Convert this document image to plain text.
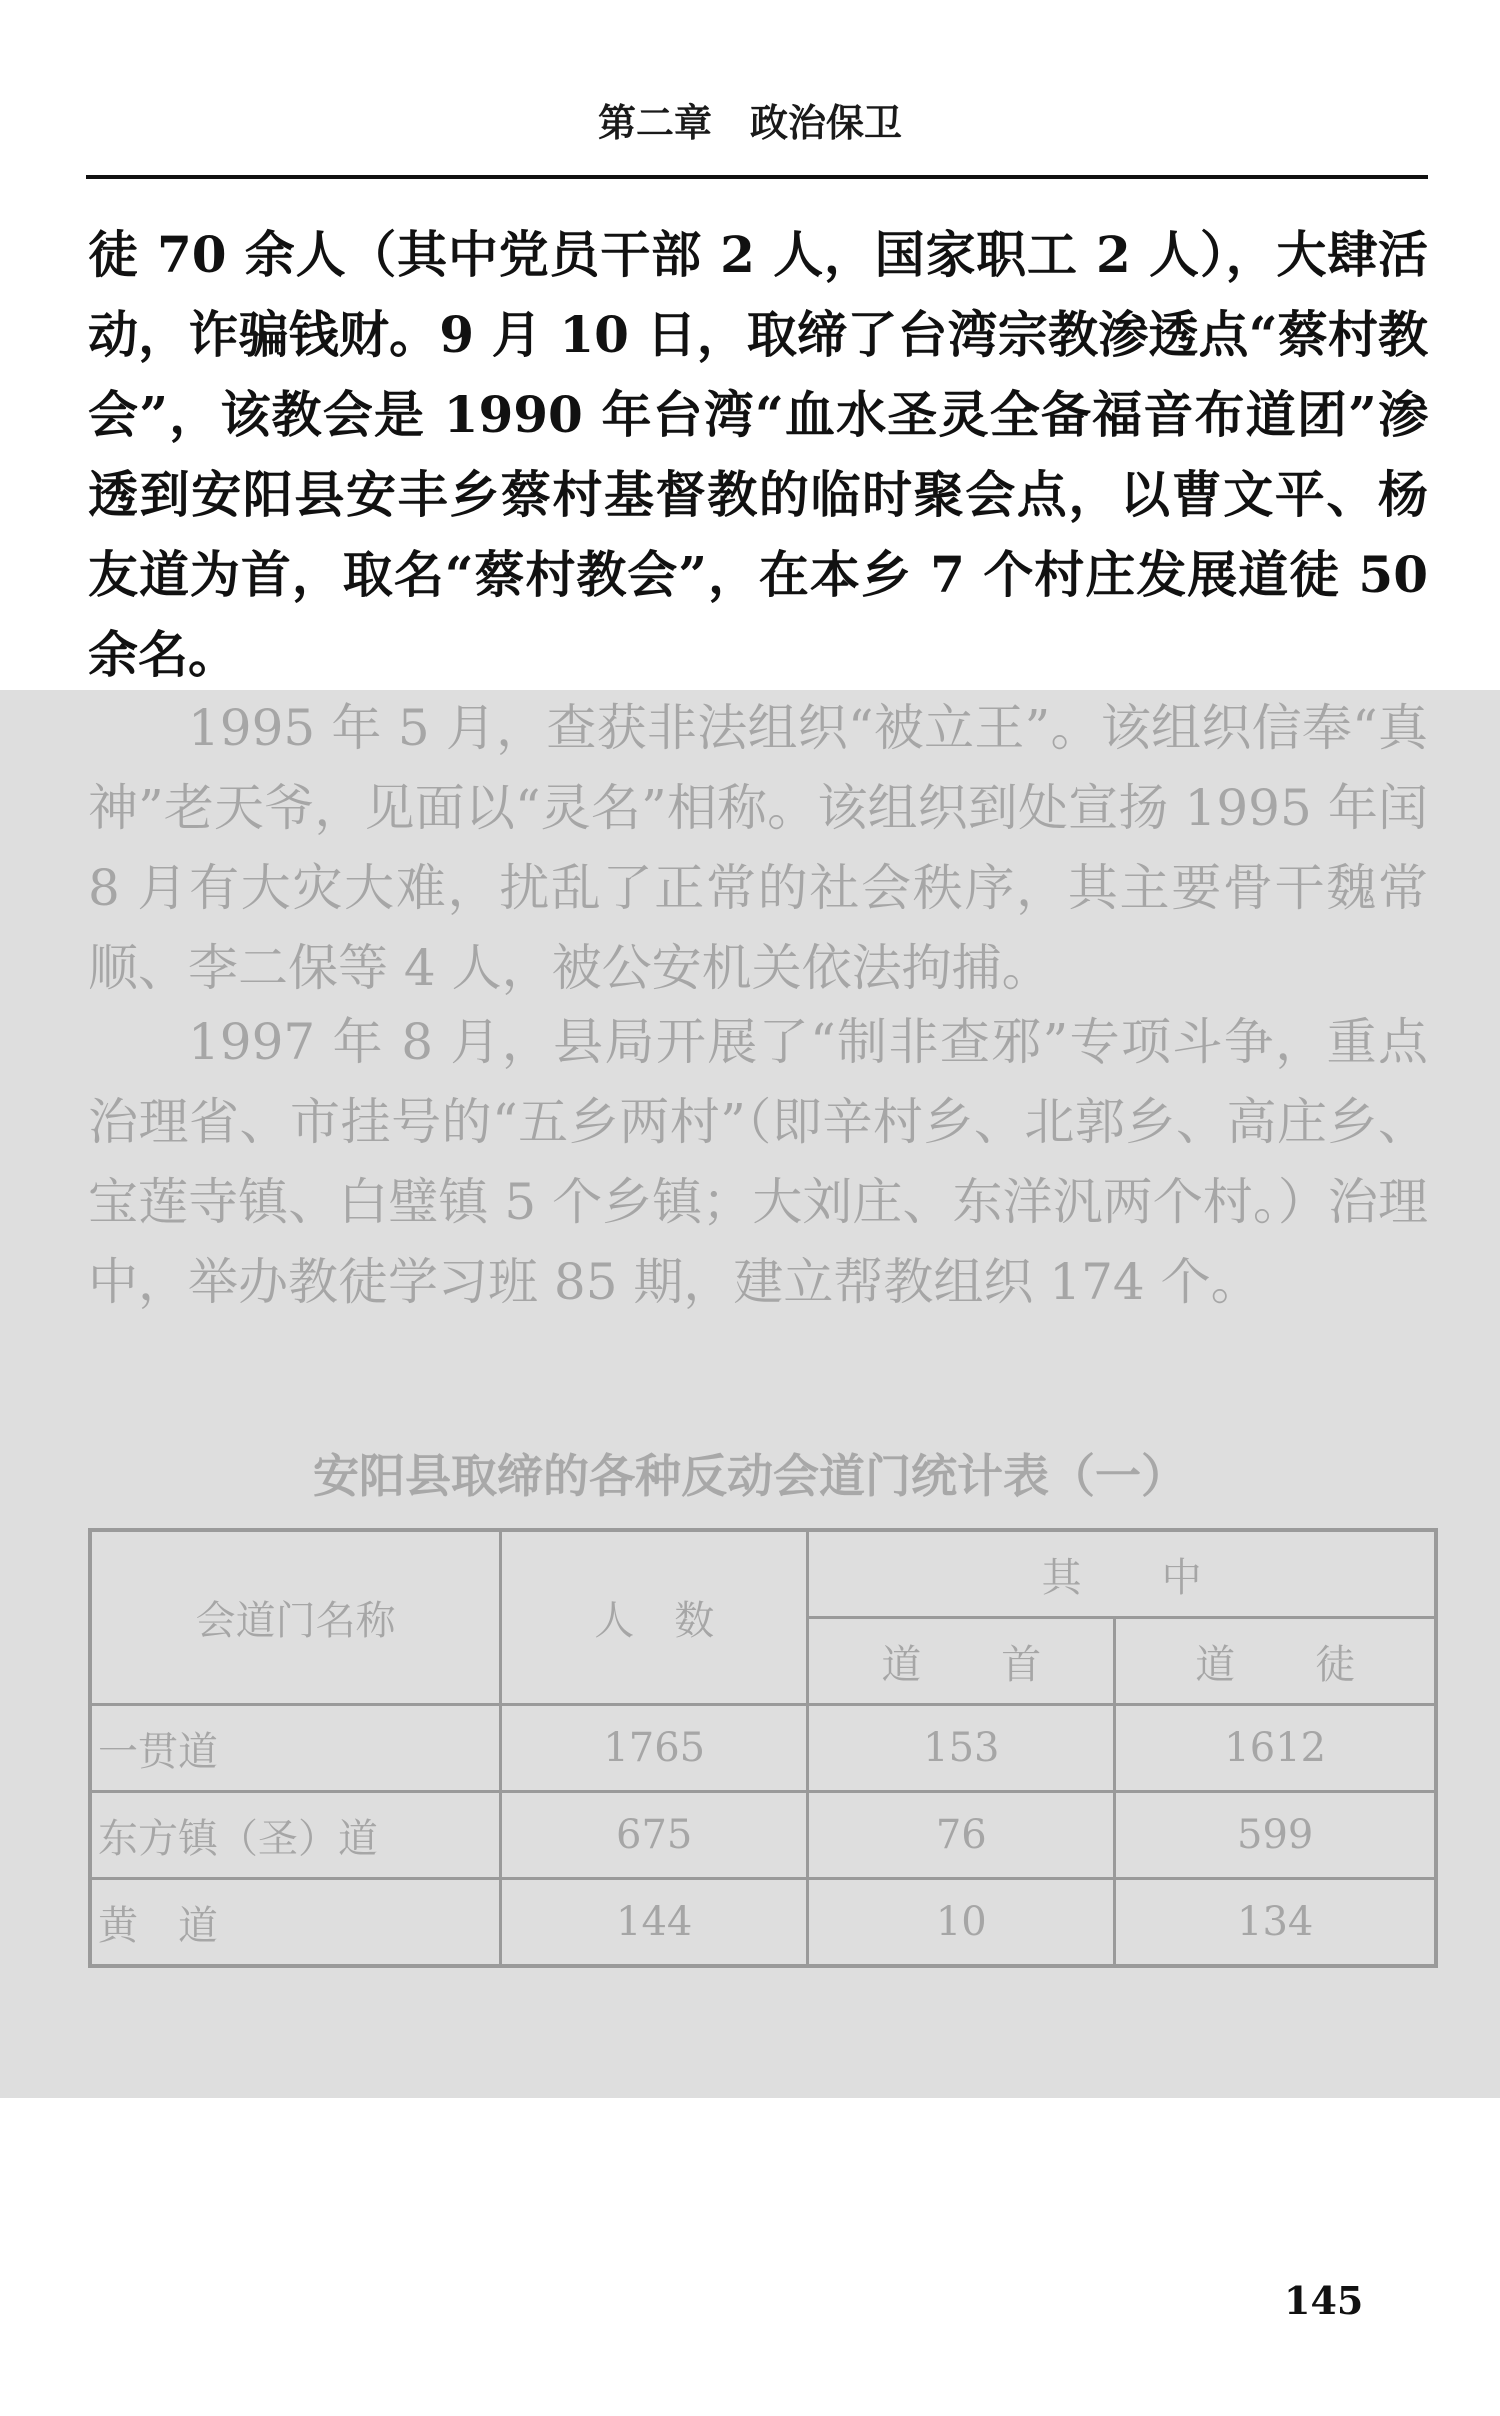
第二章　政治保卫

徒 70 余人（其中党员干部 2 人，国家职工 2 人），大肆活动，诈骗钱财。9 月 10 日，取缔了台湾宗教渗透点“蔡村教会”，该教会是 1990 年台湾“血水圣灵全备福音布道团”渗透到安阳县安丰乡蔡村基督教的临时聚会点，以曹文平、杨友道为首，取名“蔡村教会”，在本乡 7 个村庄发展道徒 50 余名。

1995 年 5 月，查获非法组织“被立王”。该组织信奉“真神”老天爷，见面以“灵名”相称。该组织到处宣扬 1995 年闰 8 月有大灾大难，扰乱了正常的社会秩序，其主要骨干魏常顺、李二保等 4 人，被公安机关依法拘捕。

1997 年 8 月，县局开展了“制非查邪”专项斗争，重点治理省、市挂号的“五乡两村”（即辛村乡、北郭乡、高庄乡、宝莲寺镇、白璧镇 5 个乡镇；大刘庄、东洋汎两个村。）治理中，举办教徒学习班 85 期，建立帮教组织 174 个。

安阳县取缔的各种反动会道门统计表（一）
会道门名称	人　数	其　　中	
		道　　首	道　　徒
一贯道	1765	153	1612
东方镇（圣）道	675	76	599
黄　道	144	10	134
145
